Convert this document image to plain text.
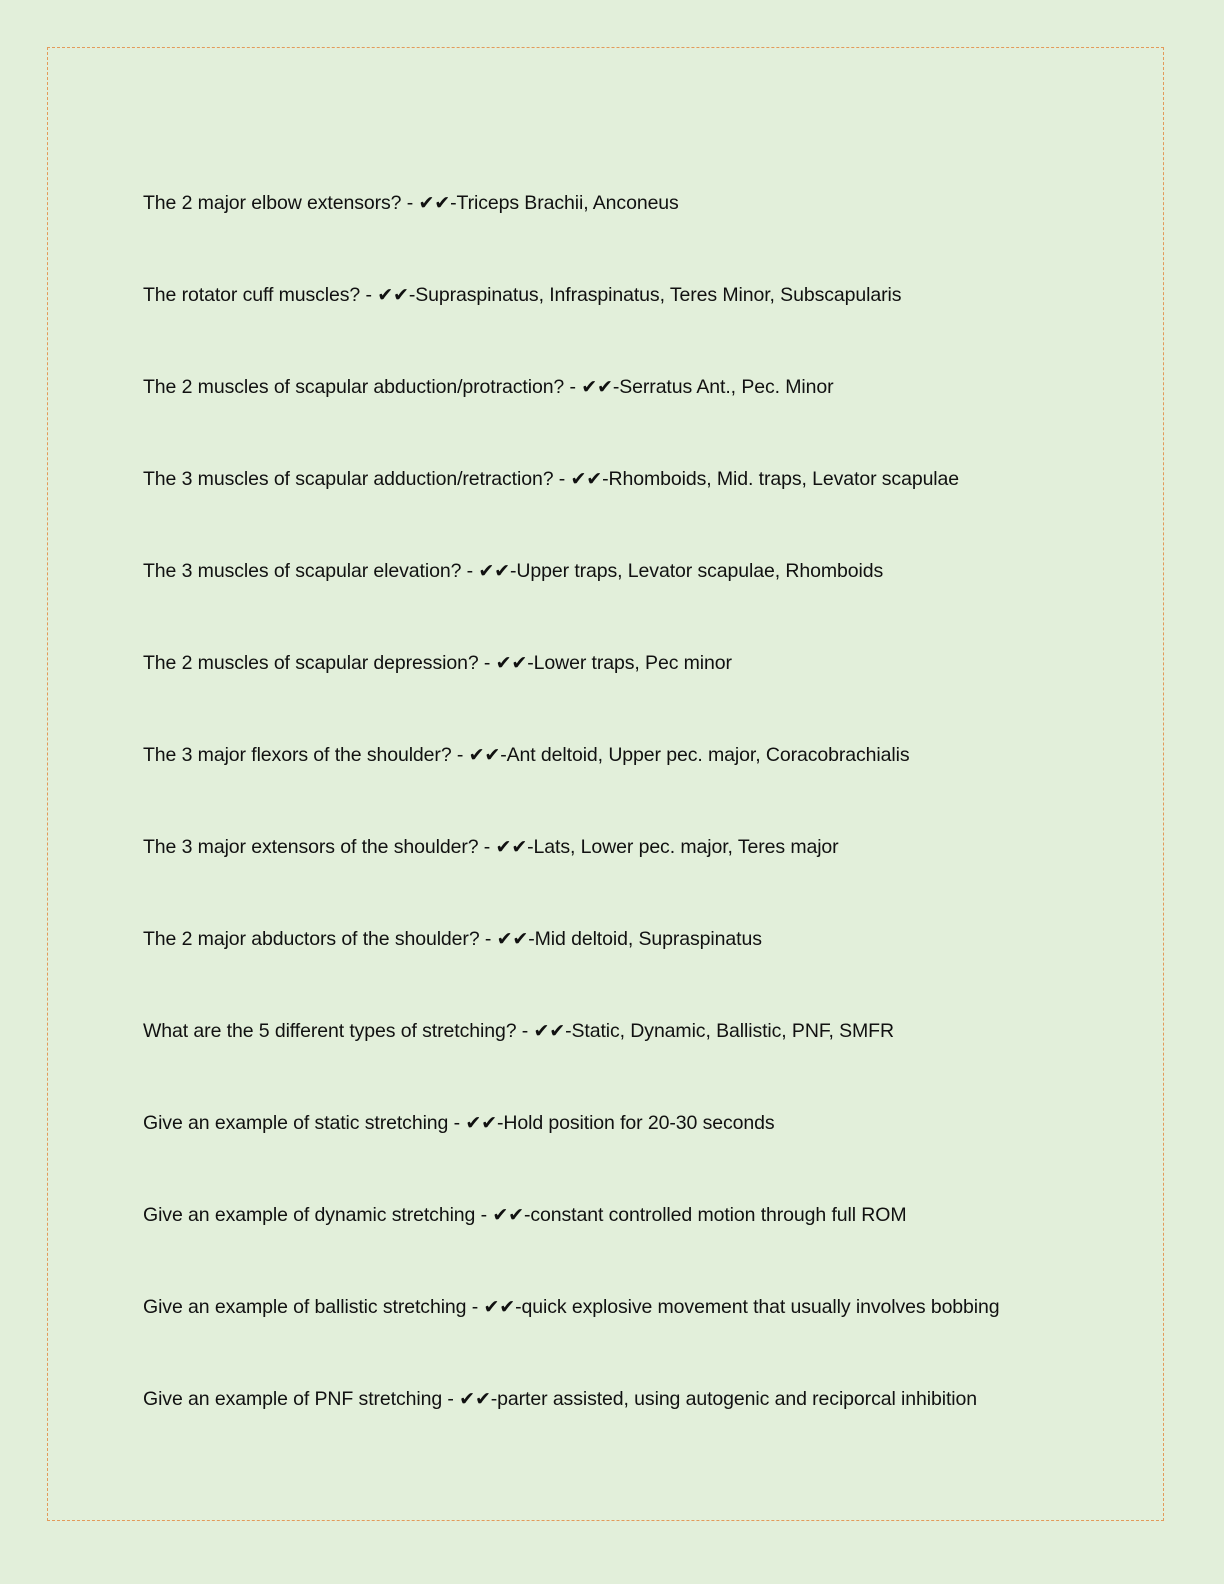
The 2 major elbow extensors? - ✔✔-Triceps Brachii, Anconeus
The rotator cuff muscles? - ✔✔-Supraspinatus, Infraspinatus, Teres Minor, Subscapularis
The 2 muscles of scapular abduction/protraction? - ✔✔-Serratus Ant., Pec. Minor
The 3 muscles of scapular adduction/retraction? - ✔✔-Rhomboids, Mid. traps, Levator scapulae
The 3 muscles of scapular elevation? - ✔✔-Upper traps, Levator scapulae, Rhomboids
The 2 muscles of scapular depression? - ✔✔-Lower traps, Pec minor
The 3 major flexors of the shoulder? - ✔✔-Ant deltoid, Upper pec. major, Coracobrachialis
The 3 major extensors of the shoulder? - ✔✔-Lats, Lower pec. major, Teres major
The 2 major abductors of the shoulder? - ✔✔-Mid deltoid, Supraspinatus
What are the 5 different types of stretching? - ✔✔-Static, Dynamic, Ballistic, PNF, SMFR
Give an example of static stretching - ✔✔-Hold position for 20-30 seconds
Give an example of dynamic stretching - ✔✔-constant controlled motion through full ROM
Give an example of ballistic stretching - ✔✔-quick explosive movement that usually involves bobbing
Give an example of PNF stretching - ✔✔-parter assisted, using autogenic and reciporcal inhibition
